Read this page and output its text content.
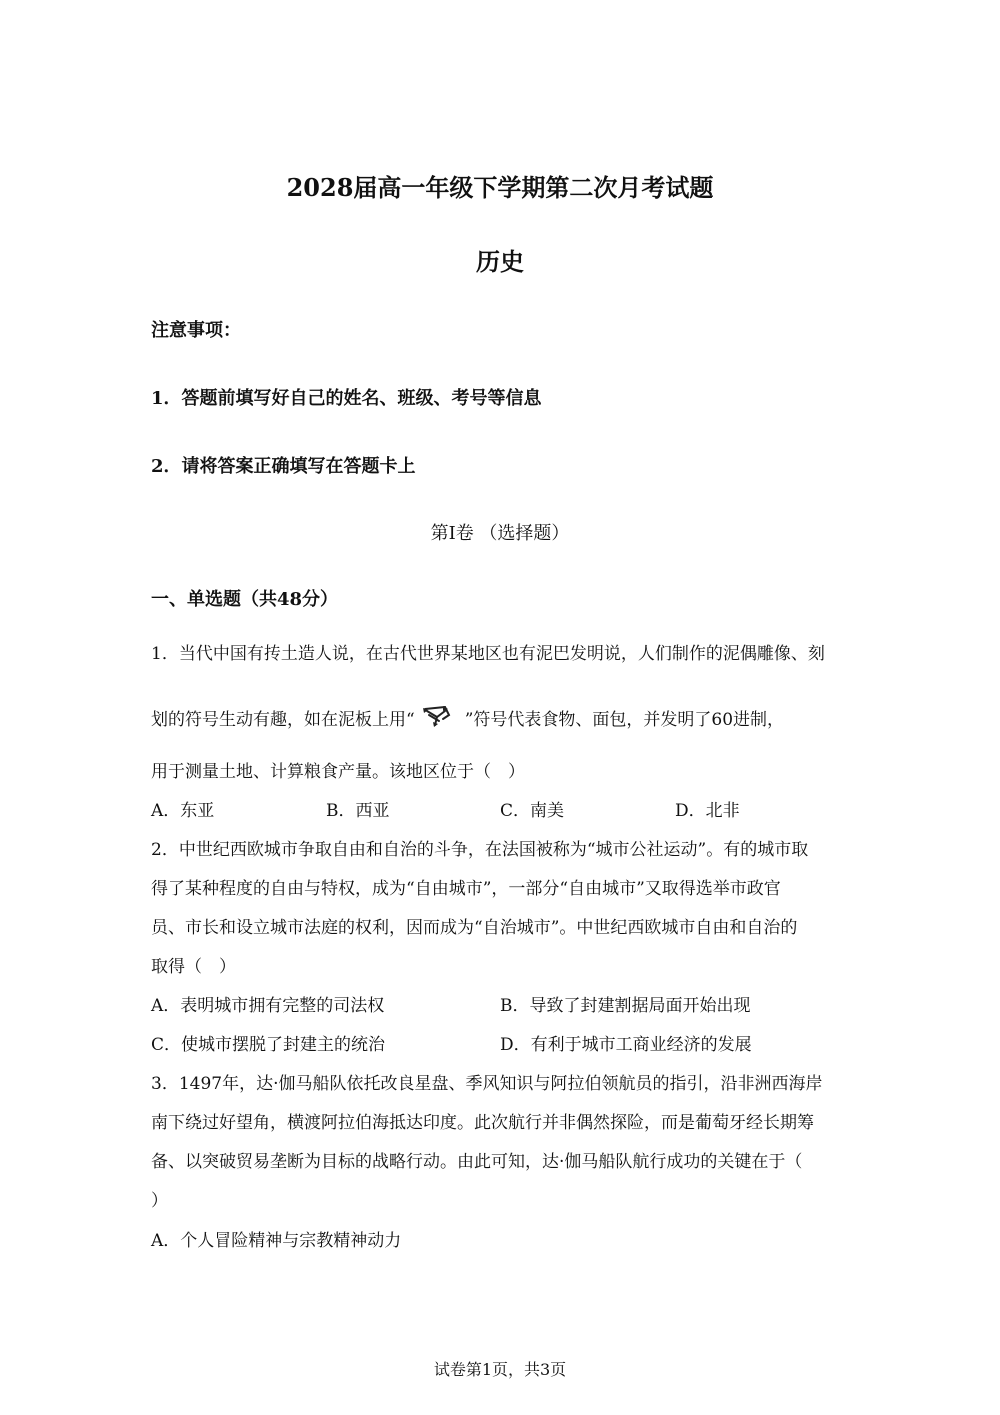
2028届高一年级下学期第二次月考试题
历史
注意事项：
1．答题前填写好自己的姓名、班级、考号等信息
2．请将答案正确填写在答题卡上
第I卷 （选择题）
一、单选题（共48分）
1．当代中国有抟土造人说，在古代世界某地区也有泥巴发明说，人们制作的泥偶雕像、刻
划的符号生动有趣，如在泥板上用“	”符号代表食物、面包，并发明了60进制，
用于测量土地、计算粮食产量。该地区位于（　）
A．东亚	B．西亚	C．南美	D．北非
2．中世纪西欧城市争取自由和自治的斗争，在法国被称为“城市公社运动”。有的城市取
得了某种程度的自由与特权，成为“自由城市”，一部分“自由城市”又取得选举市政官
员、市长和设立城市法庭的权利，因而成为“自治城市”。中世纪西欧城市自由和自治的
取得（　）
A．表明城市拥有完整的司法权	B．导致了封建割据局面开始出现
C．使城市摆脱了封建主的统治	D．有利于城市工商业经济的发展
3．1497年，达·伽马船队依托改良星盘、季风知识与阿拉伯领航员的指引，沿非洲西海岸
南下绕过好望角，横渡阿拉伯海抵达印度。此次航行并非偶然探险，而是葡萄牙经长期筹
备、以突破贸易垄断为目标的战略行动。由此可知，达·伽马船队航行成功的关键在于（
）
A．个人冒险精神与宗教精神动力
试卷第1页，共3页
